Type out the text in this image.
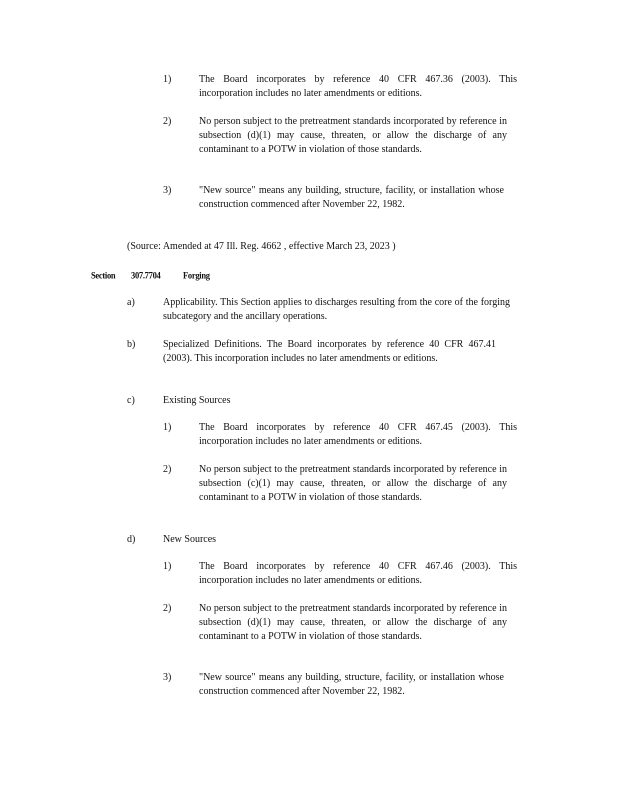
1)	The Board incorporates by reference 40 CFR 467.36 (2003). This incorporation includes no later amendments or editions.
2)	No person subject to the pretreatment standards incorporated by reference in subsection (d)(1) may cause, threaten, or allow the discharge of any contaminant to a POTW in violation of those standards.
3)	"New source" means any building, structure, facility, or installation whose construction commenced after November 22, 1982.
(Source: Amended at 47 Ill. Reg. 4662 , effective March 23, 2023 )
Section 307.7704	Forging
a)	Applicability. This Section applies to discharges resulting from the core of the forging subcategory and the ancillary operations.
b)	Specialized Definitions. The Board incorporates by reference 40 CFR 467.41 (2003). This incorporation includes no later amendments or editions.
c)	Existing Sources
1)	The Board incorporates by reference 40 CFR 467.45 (2003). This incorporation includes no later amendments or editions.
2)	No person subject to the pretreatment standards incorporated by reference in subsection (c)(1) may cause, threaten, or allow the discharge of any contaminant to a POTW in violation of those standards.
d)	New Sources
1)	The Board incorporates by reference 40 CFR 467.46 (2003). This incorporation includes no later amendments or editions.
2)	No person subject to the pretreatment standards incorporated by reference in subsection (d)(1) may cause, threaten, or allow the discharge of any contaminant to a POTW in violation of those standards.
3)	"New source" means any building, structure, facility, or installation whose construction commenced after November 22, 1982.
